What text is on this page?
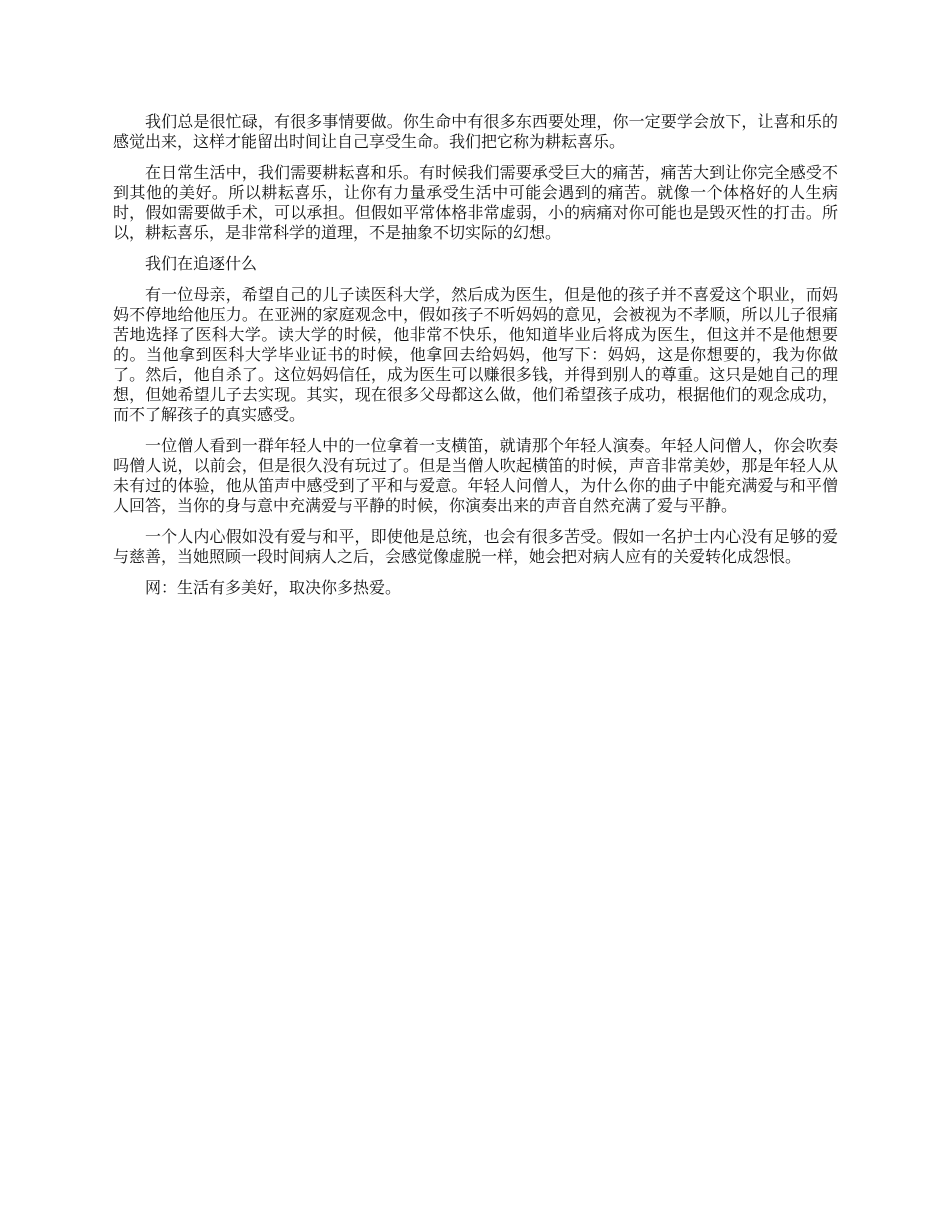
我们总是很忙碌，有很多事情要做。你生命中有很多东西要处理，你一定要学会放下，让喜和乐的感觉出来，这样才能留出时间让自己享受生命。我们把它称为耕耘喜乐。

在日常生活中，我们需要耕耘喜和乐。有时候我们需要承受巨大的痛苦，痛苦大到让你完全感受不到其他的美好。所以耕耘喜乐，让你有力量承受生活中可能会遇到的痛苦。就像一个体格好的人生病时，假如需要做手术，可以承担。但假如平常体格非常虚弱，小的病痛对你可能也是毁灭性的打击。所以，耕耘喜乐，是非常科学的道理，不是抽象不切实际的幻想。

我们在追逐什么

有一位母亲，希望自己的儿子读医科大学，然后成为医生，但是他的孩子并不喜爱这个职业，而妈妈不停地给他压力。在亚洲的家庭观念中，假如孩子不听妈妈的意见，会被视为不孝顺，所以儿子很痛苦地选择了医科大学。读大学的时候，他非常不快乐，他知道毕业后将成为医生，但这并不是他想要的。当他拿到医科大学毕业证书的时候，他拿回去给妈妈，他写下：妈妈，这是你想要的，我为你做了。然后，他自杀了。这位妈妈信任，成为医生可以赚很多钱，并得到别人的尊重。这只是她自己的理想，但她希望儿子去实现。其实，现在很多父母都这么做，他们希望孩子成功，根据他们的观念成功，而不了解孩子的真实感受。

一位僧人看到一群年轻人中的一位拿着一支横笛，就请那个年轻人演奏。年轻人问僧人，你会吹奏吗僧人说，以前会，但是很久没有玩过了。但是当僧人吹起横笛的时候，声音非常美妙，那是年轻人从未有过的体验，他从笛声中感受到了平和与爱意。年轻人问僧人，为什么你的曲子中能充满爱与和平僧人回答，当你的身与意中充满爱与平静的时候，你演奏出来的声音自然充满了爱与平静。

一个人内心假如没有爱与和平，即使他是总统，也会有很多苦受。假如一名护士内心没有足够的爱与慈善，当她照顾一段时间病人之后，会感觉像虚脱一样，她会把对病人应有的关爱转化成怨恨。

网：生活有多美好，取决你多热爱。
